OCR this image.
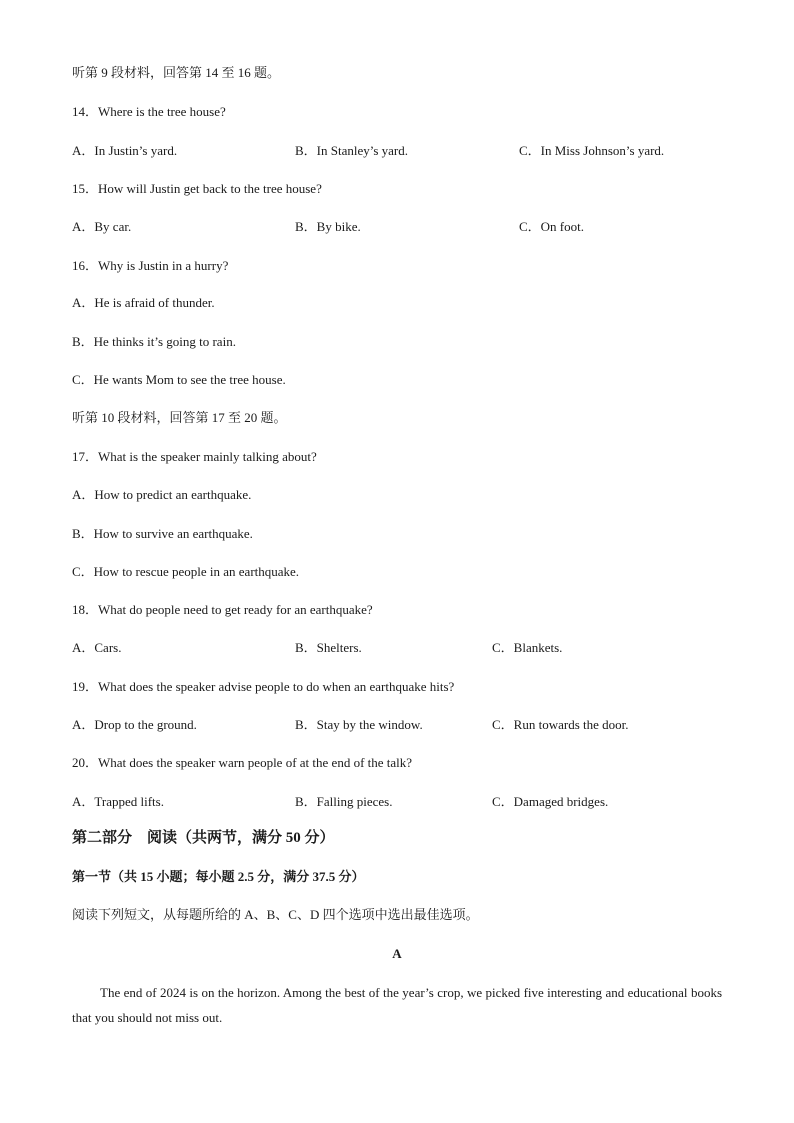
听第 9 段材料，回答第 14 至 16 题。
14．Where is the tree house?
A．In Justin’s yard.	B．In Stanley’s yard.	C．In Miss Johnson’s yard.
15．How will Justin get back to the tree house?
A．By car.	B．By bike.	C．On foot.
16．Why is Justin in a hurry?
A．He is afraid of thunder.
B．He thinks it’s going to rain.
C．He wants Mom to see the tree house.
听第 10 段材料，回答第 17 至 20 题。
17．What is the speaker mainly talking about?
A．How to predict an earthquake.
B．How to survive an earthquake.
C．How to rescue people in an earthquake.
18．What do people need to get ready for an earthquake?
A．Cars.	B．Shelters.	C．Blankets.
19．What does the speaker advise people to do when an earthquake hits?
A．Drop to the ground.	B．Stay by the window.	C．Run towards the door.
20．What does the speaker warn people of at the end of the talk?
A．Trapped lifts.	B．Falling pieces.	C．Damaged bridges.
第二部分　阅读（共两节，满分 50 分）
第一节（共 15 小题；每小题 2.5 分，满分 37.5 分）
阅读下列短文，从每题所给的 A、B、C、D 四个选项中选出最佳选项。
A
The end of 2024 is on the horizon. Among the best of the year’s crop, we picked five interesting and educational books that you should not miss out.
